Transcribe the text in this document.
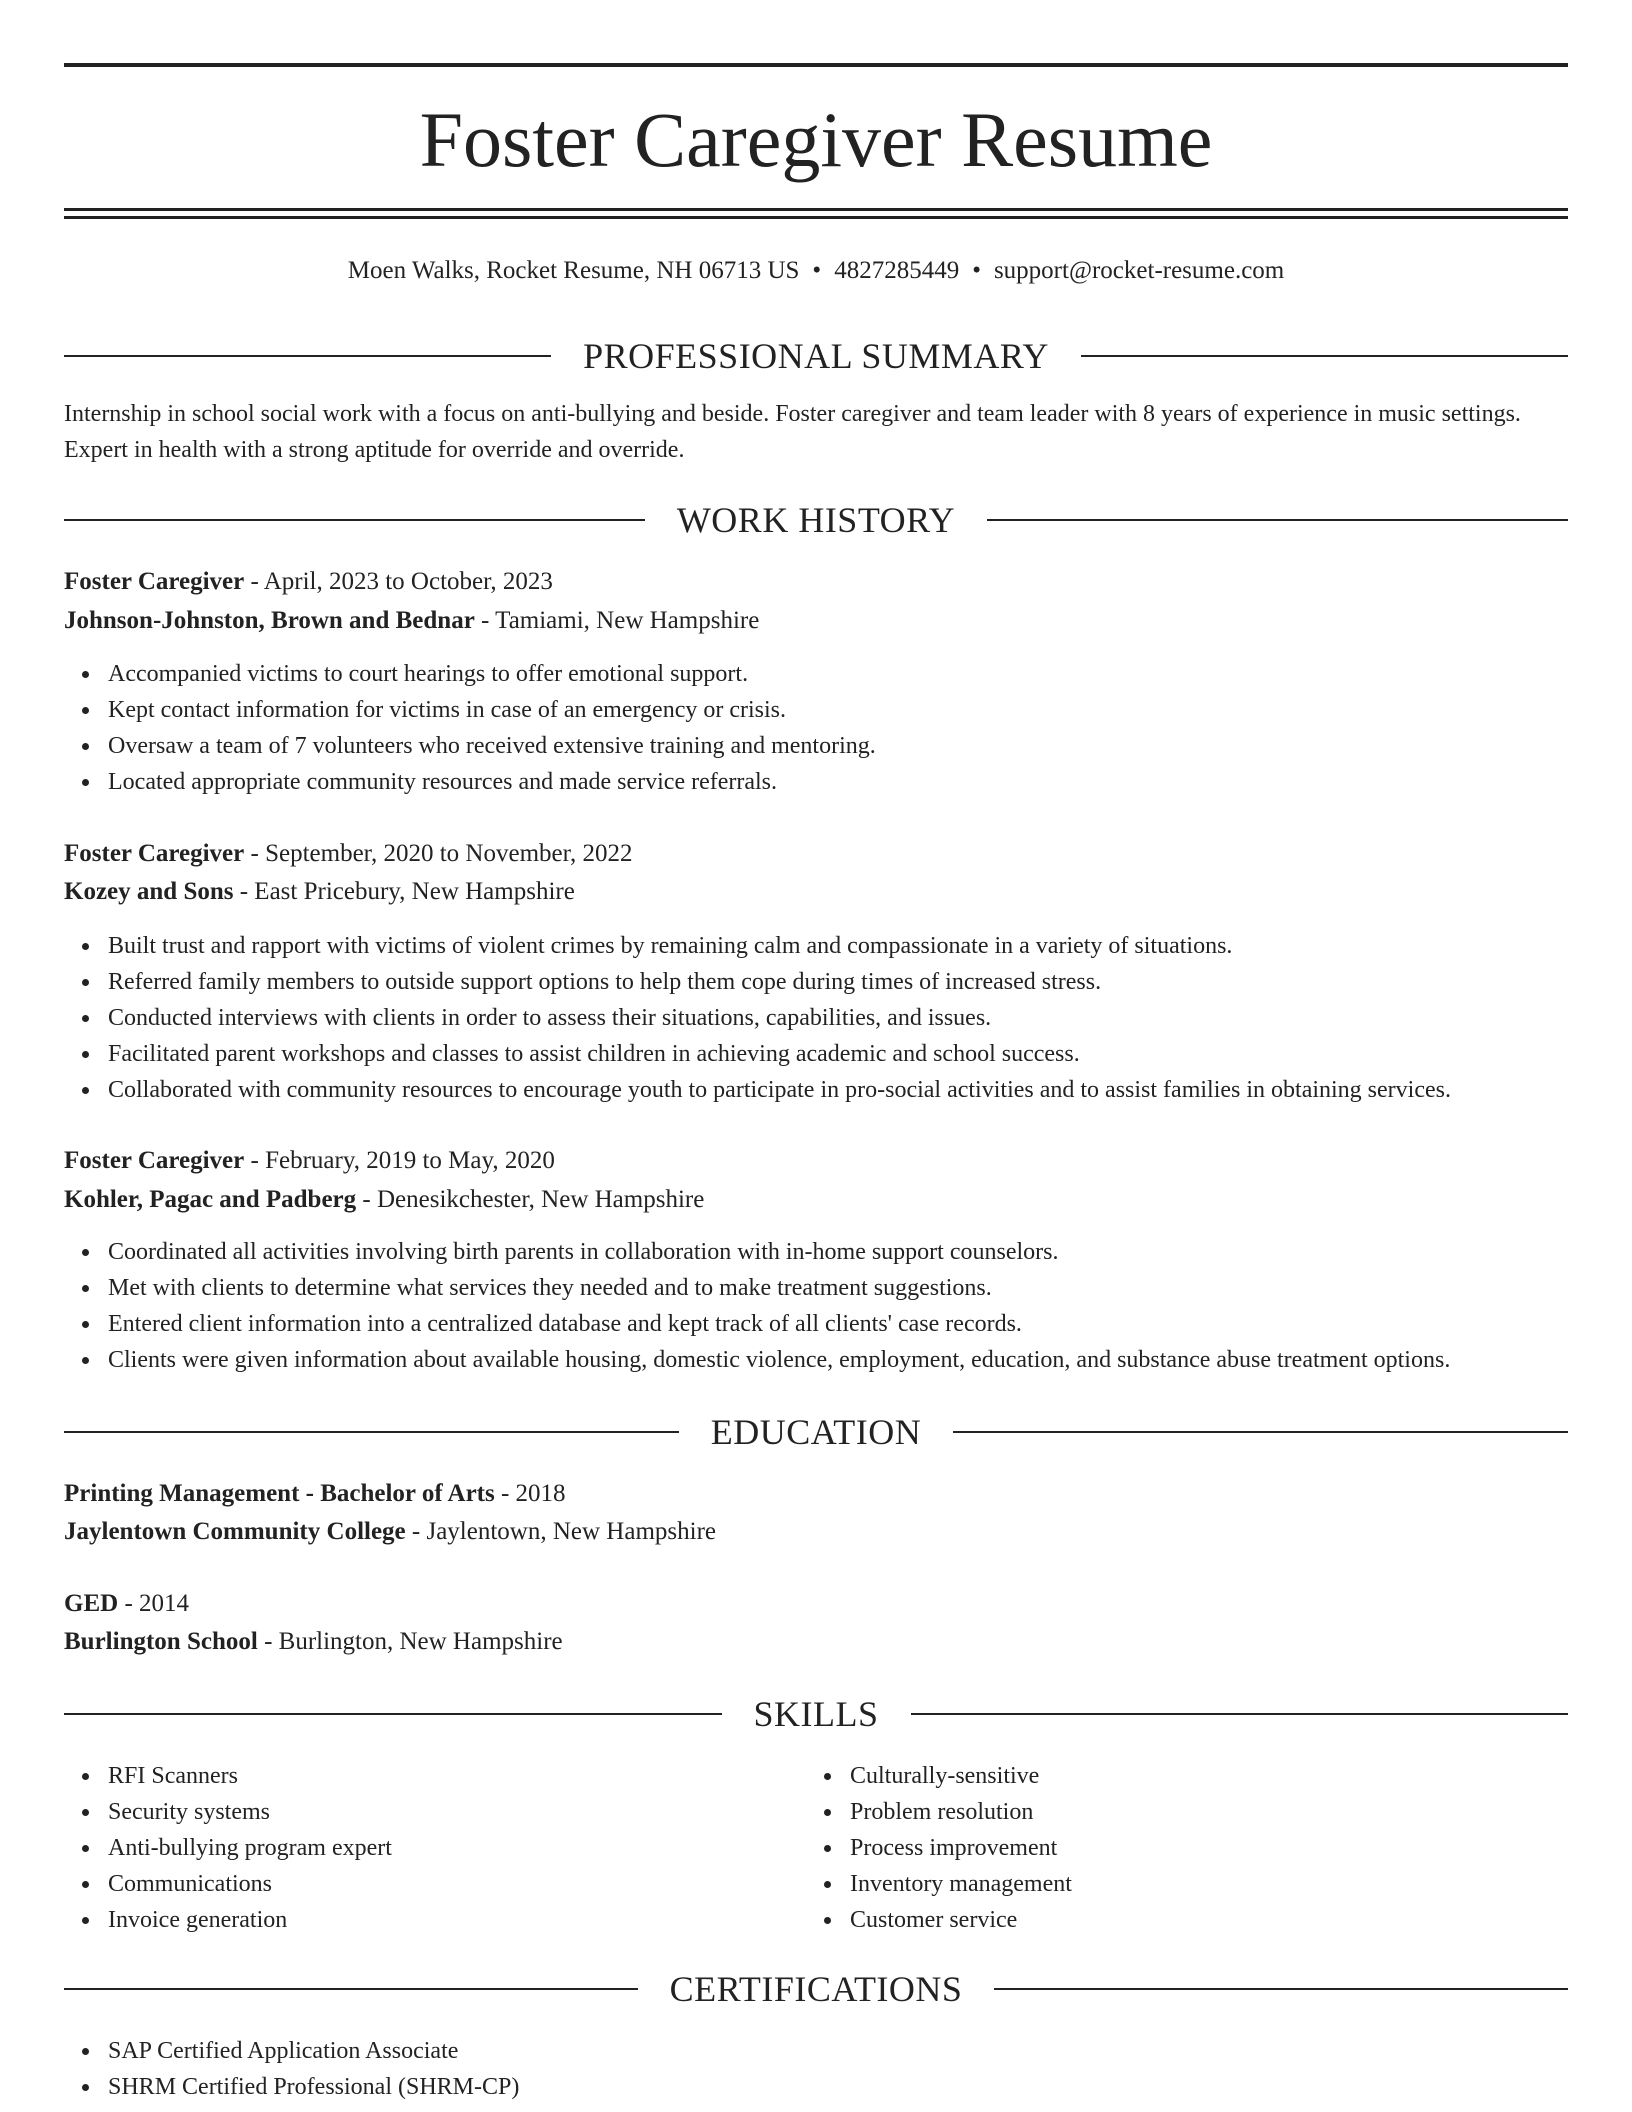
Foster Caregiver Resume
Moen Walks, Rocket Resume, NH 06713 US • 4827285449 • support@rocket-resume.com
PROFESSIONAL SUMMARY

Internship in school social work with a focus on anti-bullying and beside. Foster caregiver and team leader with 8 years of experience in music settings. Expert in health with a strong aptitude for override and override.

WORK HISTORY
Foster Caregiver - April, 2023 to October, 2023
Johnson-Johnston, Brown and Bednar - Tamiami, New Hampshire
Accompanied victims to court hearings to offer emotional support.
Kept contact information for victims in case of an emergency or crisis.
Oversaw a team of 7 volunteers who received extensive training and mentoring.
Located appropriate community resources and made service referrals.
Foster Caregiver - September, 2020 to November, 2022
Kozey and Sons - East Pricebury, New Hampshire
Built trust and rapport with victims of violent crimes by remaining calm and compassionate in a variety of situations.
Referred family members to outside support options to help them cope during times of increased stress.
Conducted interviews with clients in order to assess their situations, capabilities, and issues.
Facilitated parent workshops and classes to assist children in achieving academic and school success.
Collaborated with community resources to encourage youth to participate in pro-social activities and to assist families in obtaining services.
Foster Caregiver - February, 2019 to May, 2020
Kohler, Pagac and Padberg - Denesikchester, New Hampshire
Coordinated all activities involving birth parents in collaboration with in-home support counselors.
Met with clients to determine what services they needed and to make treatment suggestions.
Entered client information into a centralized database and kept track of all clients' case records.
Clients were given information about available housing, domestic violence, employment, education, and substance abuse treatment options.
EDUCATION
Printing Management - Bachelor of Arts - 2018
Jaylentown Community College - Jaylentown, New Hampshire
GED - 2014
Burlington School - Burlington, New Hampshire
SKILLS
RFI Scanners
Security systems
Anti-bullying program expert
Communications
Invoice generation
Culturally-sensitive
Problem resolution
Process improvement
Inventory management
Customer service
CERTIFICATIONS
SAP Certified Application Associate
SHRM Certified Professional (SHRM-CP)
